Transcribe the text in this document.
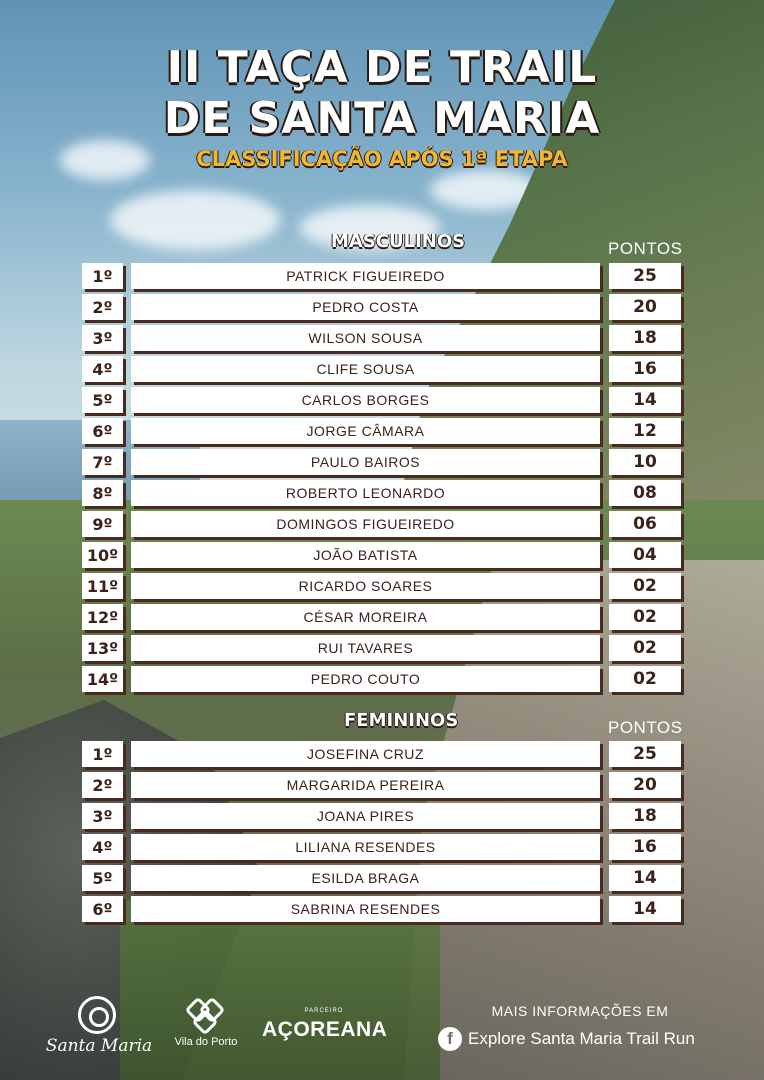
II TAÇA DE TRAIL
DE SANTA MARIA
CLASSIFICAÇÃO APÓS 1ª ETAPA
MASCULINOS	PONTOS
1º	PATRICK FIGUEIREDO	25
2º	PEDRO COSTA	20
3º	WILSON SOUSA	18
4º	CLIFE SOUSA	16
5º	CARLOS BORGES	14
6º	JORGE CÂMARA	12
7º	PAULO BAIROS	10
8º	ROBERTO LEONARDO	08
9º	DOMINGOS FIGUEIREDO	06
10º	JOÃO BATISTA	04
11º	RICARDO SOARES	02
12º	CÉSAR MOREIRA	02
13º	RUI TAVARES	02
14º	PEDRO COUTO	02
FEMININOS	PONTOS
1º	JOSEFINA CRUZ	25
2º	MARGARIDA PEREIRA	20
3º	JOANA PIRES	18
4º	LILIANA RESENDES	16
5º	ESILDA BRAGA	14
6º	SABRINA RESENDES	14
Santa Maria	Vila do Porto
PARCEIRO
AÇOREANA
MAIS INFORMAÇÕES EM
f Explore Santa Maria Trail Run
